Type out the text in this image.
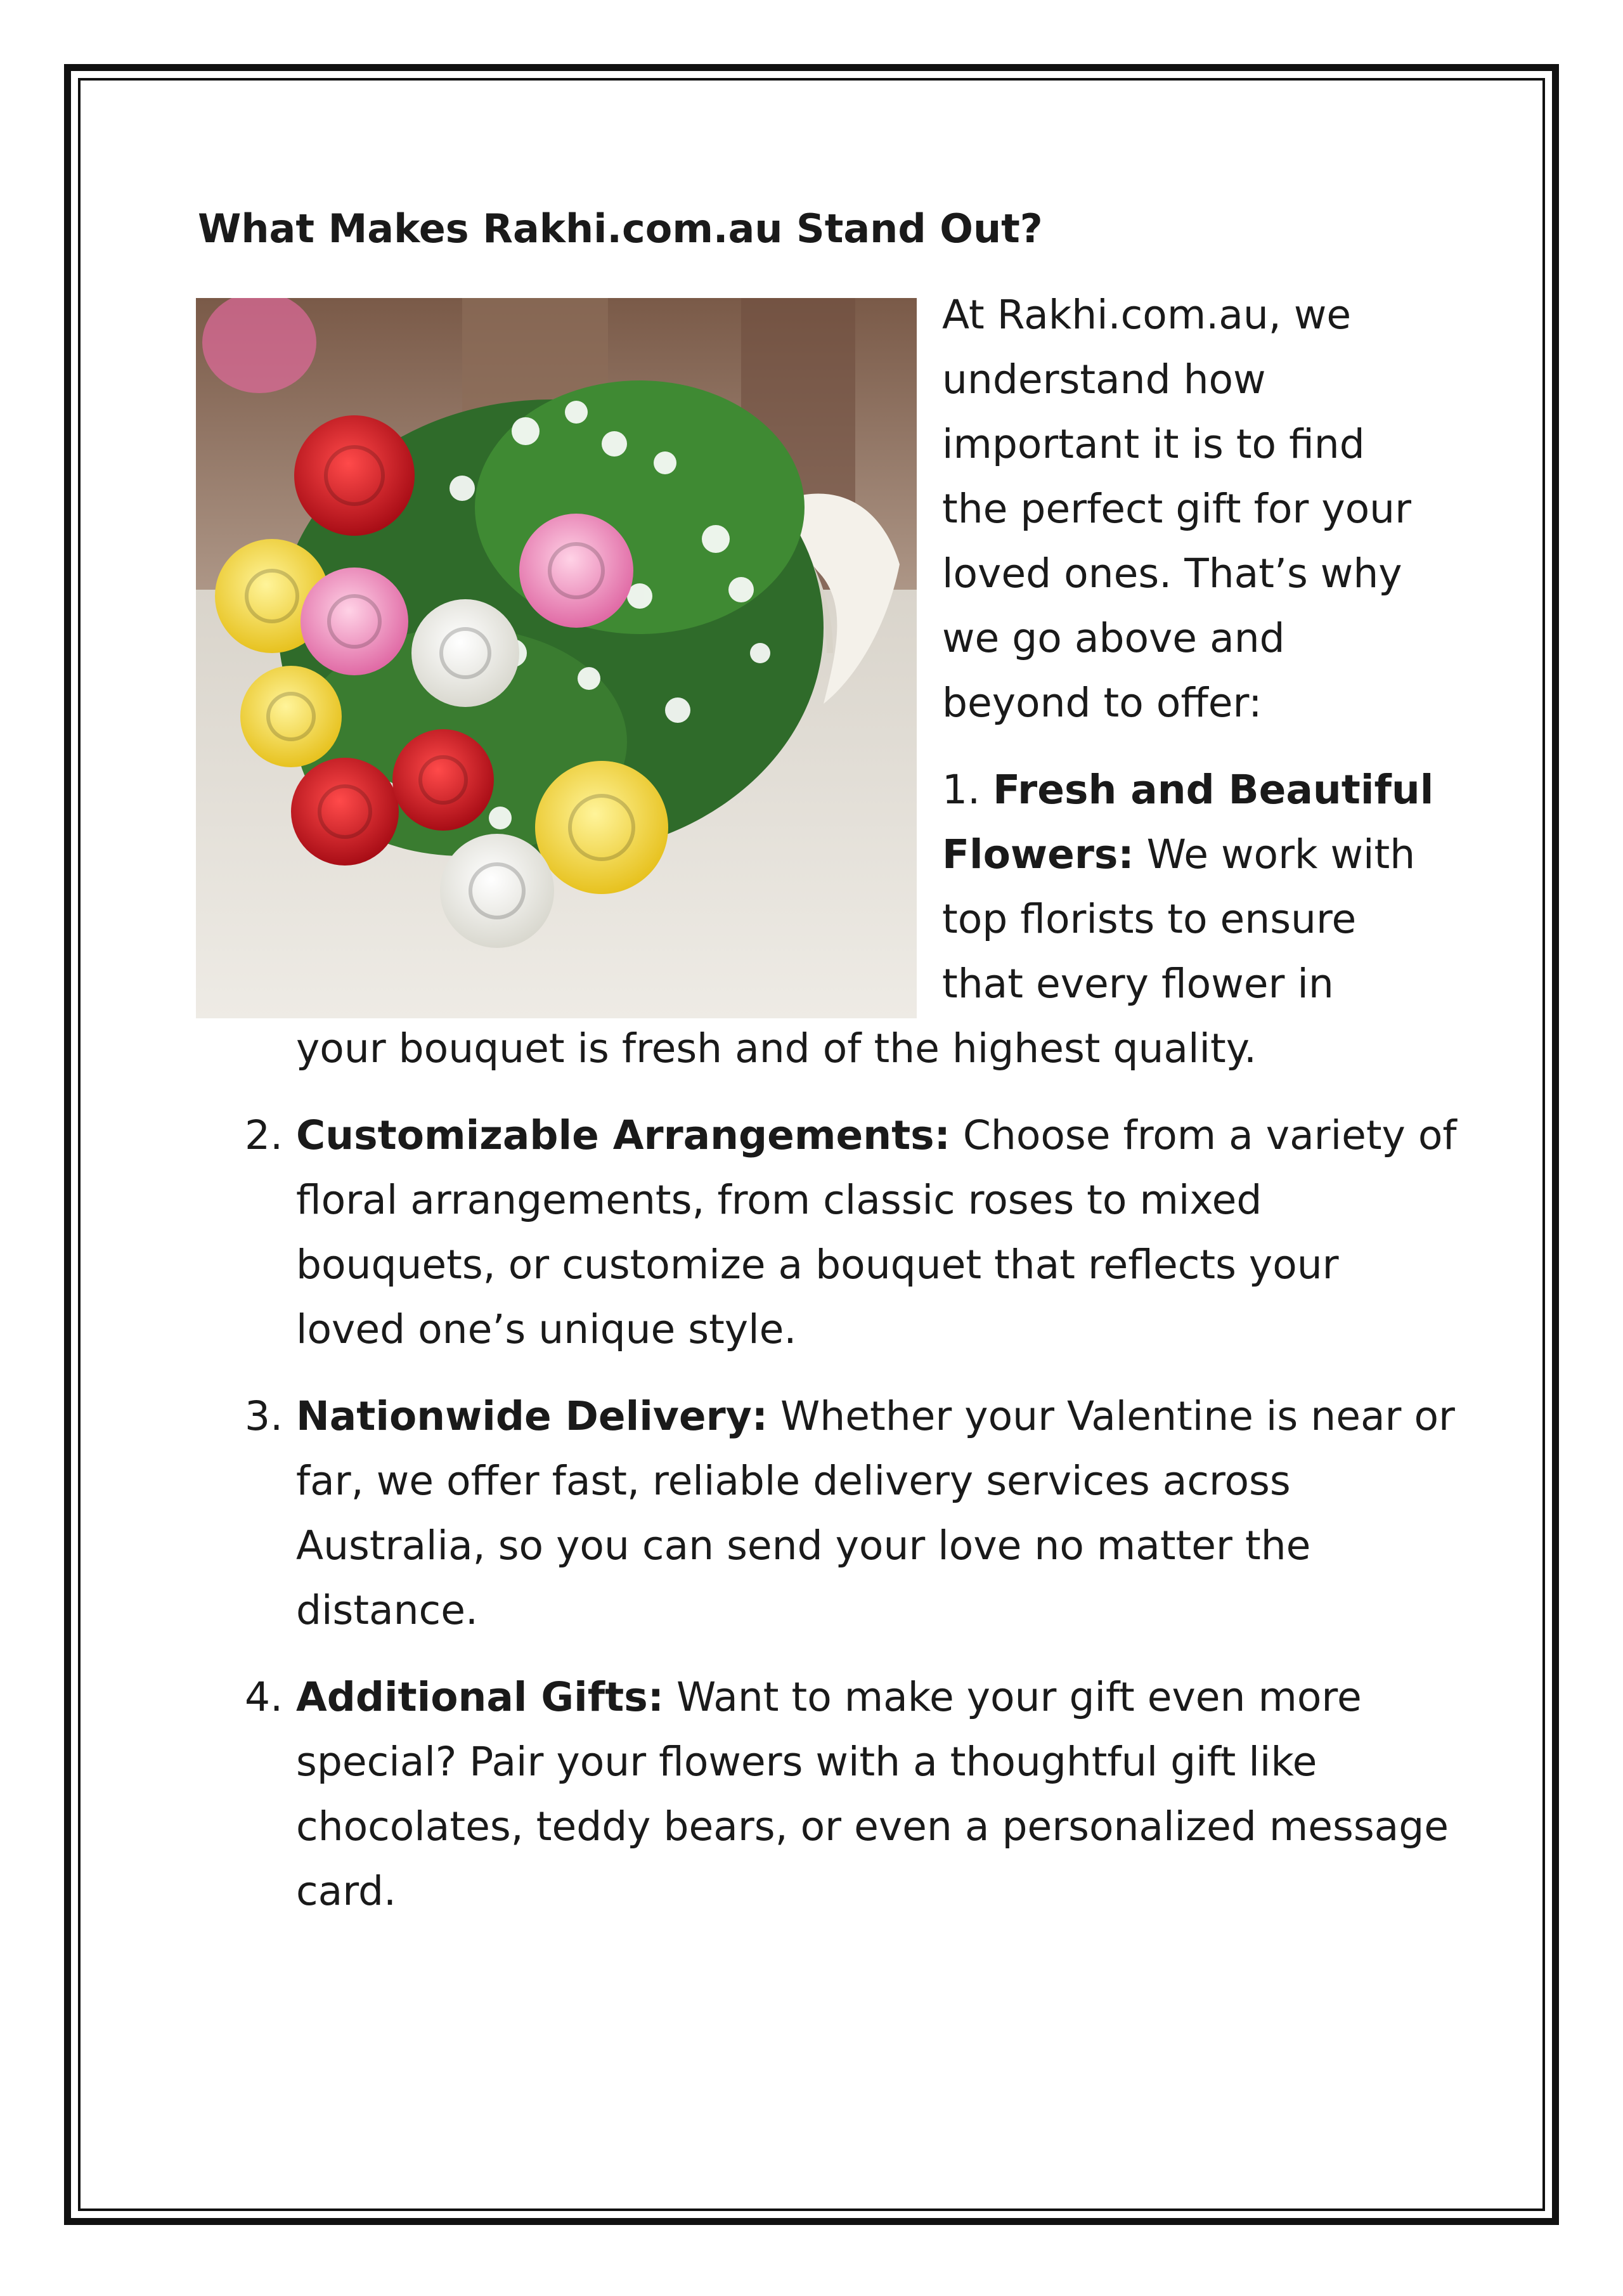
What Makes Rakhi.com.au Stand Out?
At Rakhi.com.au, we
understand how
important it is to find
the perfect gift for your
loved ones. That’s why
we go above and
beyond to offer:
1. Fresh and Beautiful
Flowers: We work with
top florists to ensure
that every flower in
your bouquet is fresh and of the highest quality.
2. Customizable Arrangements: Choose from a variety of
floral arrangements, from classic roses to mixed
bouquets, or customize a bouquet that reflects your
loved one’s unique style.
3. Nationwide Delivery: Whether your Valentine is near or
far, we offer fast, reliable delivery services across
Australia, so you can send your love no matter the
distance.
4. Additional Gifts: Want to make your gift even more
special? Pair your flowers with a thoughtful gift like
chocolates, teddy bears, or even a personalized message
card.
